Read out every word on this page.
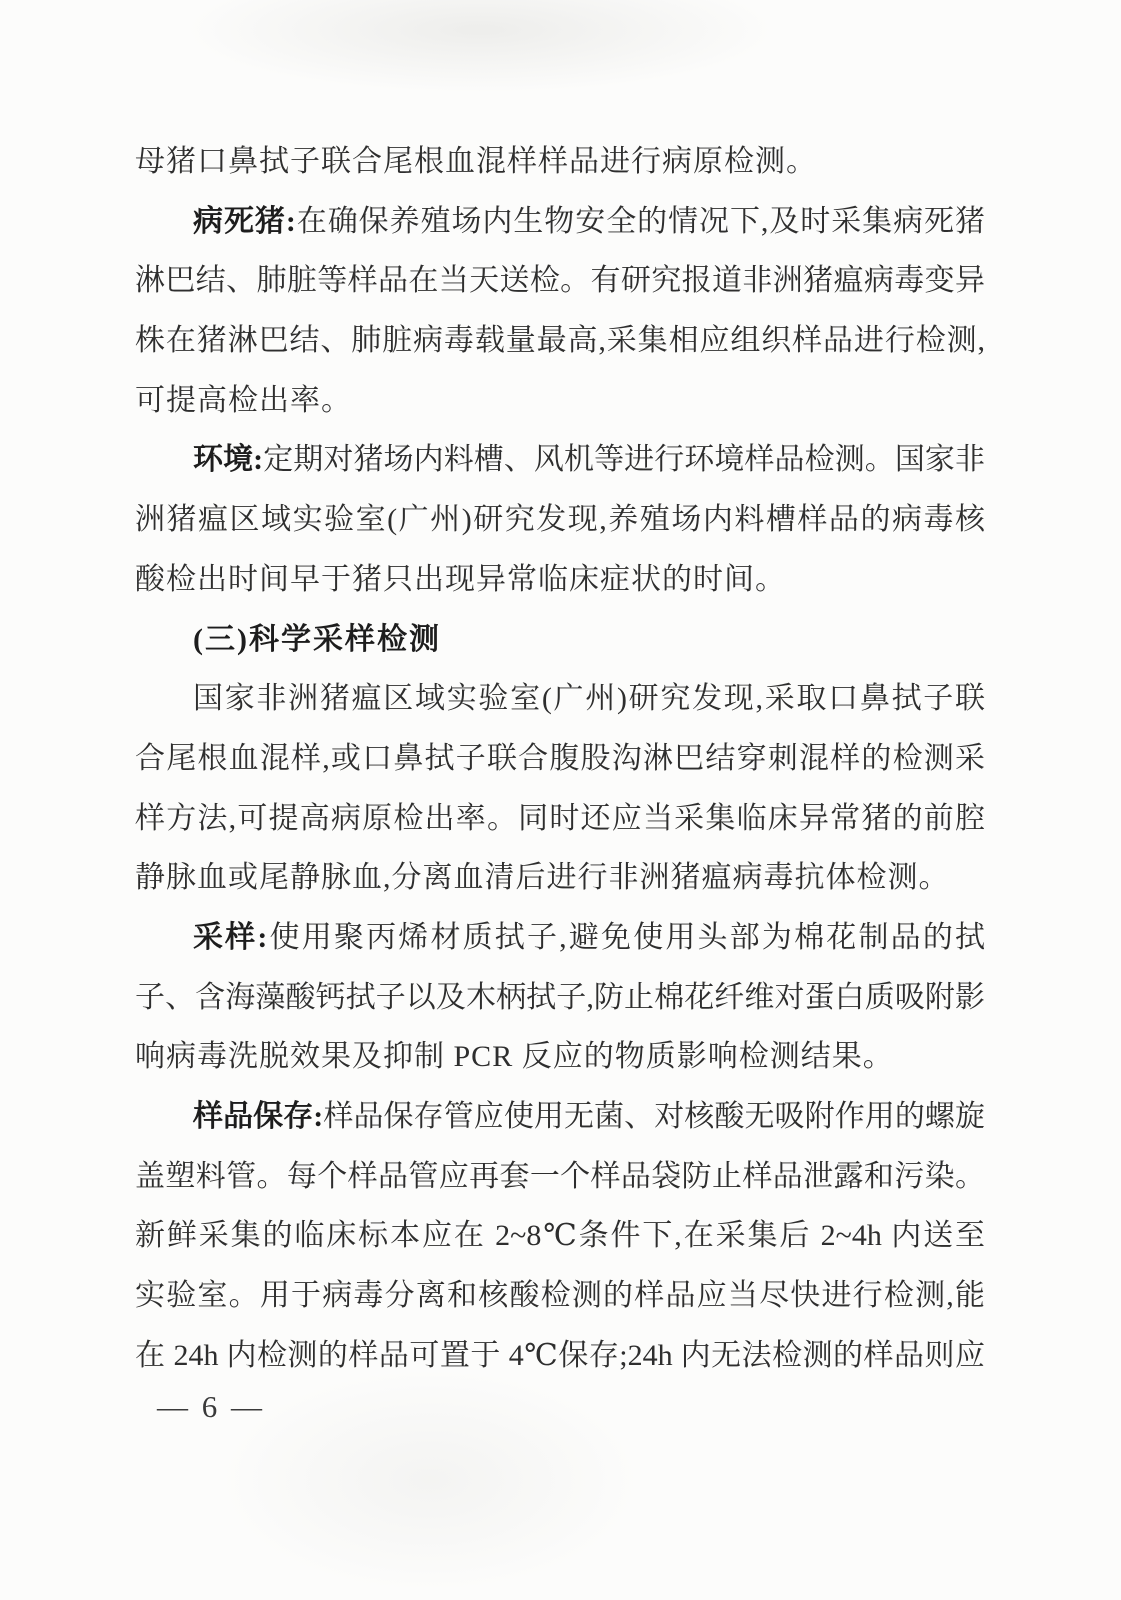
母猪口鼻拭子联合尾根血混样样品进行病原检测。
病死猪:在确保养殖场内生物安全的情况下,及时采集病死猪
淋巴结、肺脏等样品在当天送检。有研究报道非洲猪瘟病毒变异
株在猪淋巴结、肺脏病毒载量最高,采集相应组织样品进行检测,
可提高检出率。
环境:定期对猪场内料槽、风机等进行环境样品检测。国家非
洲猪瘟区域实验室(广州)研究发现,养殖场内料槽样品的病毒核
酸检出时间早于猪只出现异常临床症状的时间。
(三)科学采样检测
国家非洲猪瘟区域实验室(广州)研究发现,采取口鼻拭子联
合尾根血混样,或口鼻拭子联合腹股沟淋巴结穿刺混样的检测采
样方法,可提高病原检出率。同时还应当采集临床异常猪的前腔
静脉血或尾静脉血,分离血清后进行非洲猪瘟病毒抗体检测。
采样:使用聚丙烯材质拭子,避免使用头部为棉花制品的拭
子、含海藻酸钙拭子以及木柄拭子,防止棉花纤维对蛋白质吸附影
响病毒洗脱效果及抑制 PCR 反应的物质影响检测结果。
样品保存:样品保存管应使用无菌、对核酸无吸附作用的螺旋
盖塑料管。每个样品管应再套一个样品袋防止样品泄露和污染。
新鲜采集的临床标本应在 2~8℃条件下,在采集后 2~4h 内送至
实验室。用于病毒分离和核酸检测的样品应当尽快进行检测,能
在 24h 内检测的样品可置于 4℃保存;24h 内无法检测的样品则应
— 6 —
